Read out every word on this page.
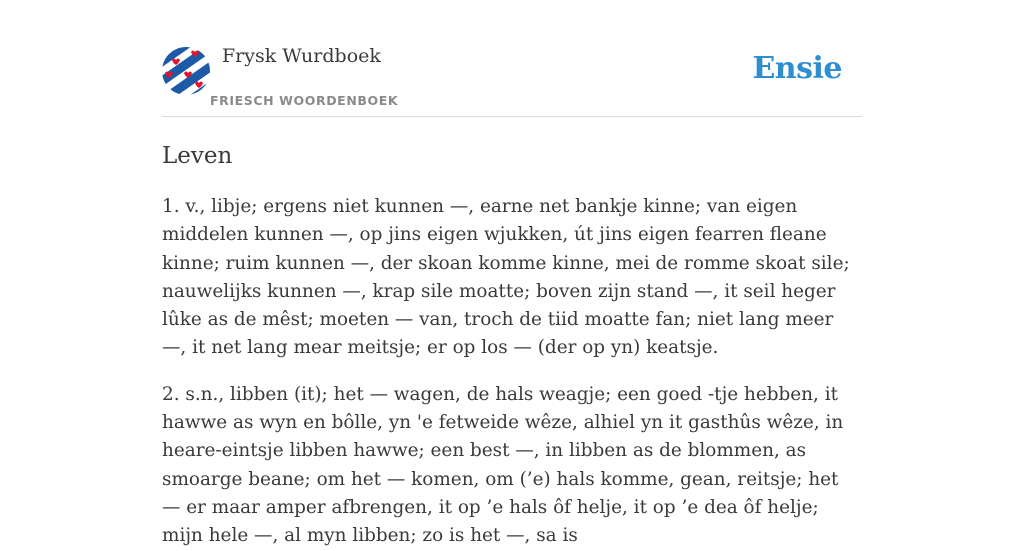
Frysk Wurdboek
FRIESCH WOORDENBOEK
Ensie
Leven

1. v., libje; ergens niet kunnen —, earne net bankje kinne; van eigen middelen kunnen —, op jins eigen wjukken, út jins eigen fearren fleane kinne; ruim kunnen —, der skoan komme kinne, mei de romme skoat sile; nauwelijks kunnen —, krap sile moatte; boven zijn stand —, it seil heger lûke as de mêst; moeten — van, troch de tiid moatte fan; niet lang meer —, it net lang mear meitsje; er op los — (der op yn) keatsje.

2. s.n., libben (it); het — wagen, de hals weagje; een goed -tje hebben, it hawwe as wyn en bôlle, yn 'e fetweide wêze, alhiel yn it gasthûs wêze, in heare-eintsje libben hawwe; een best —, in libben as de blommen, as smoarge beane; om het — komen, om (’e) hals komme, gean, reitsje; het — er maar amper afbrengen, it op ’e hals ôf helje, it op ’e dea ôf helje; mijn hele —, al myn libben; zo is het —, sa is
